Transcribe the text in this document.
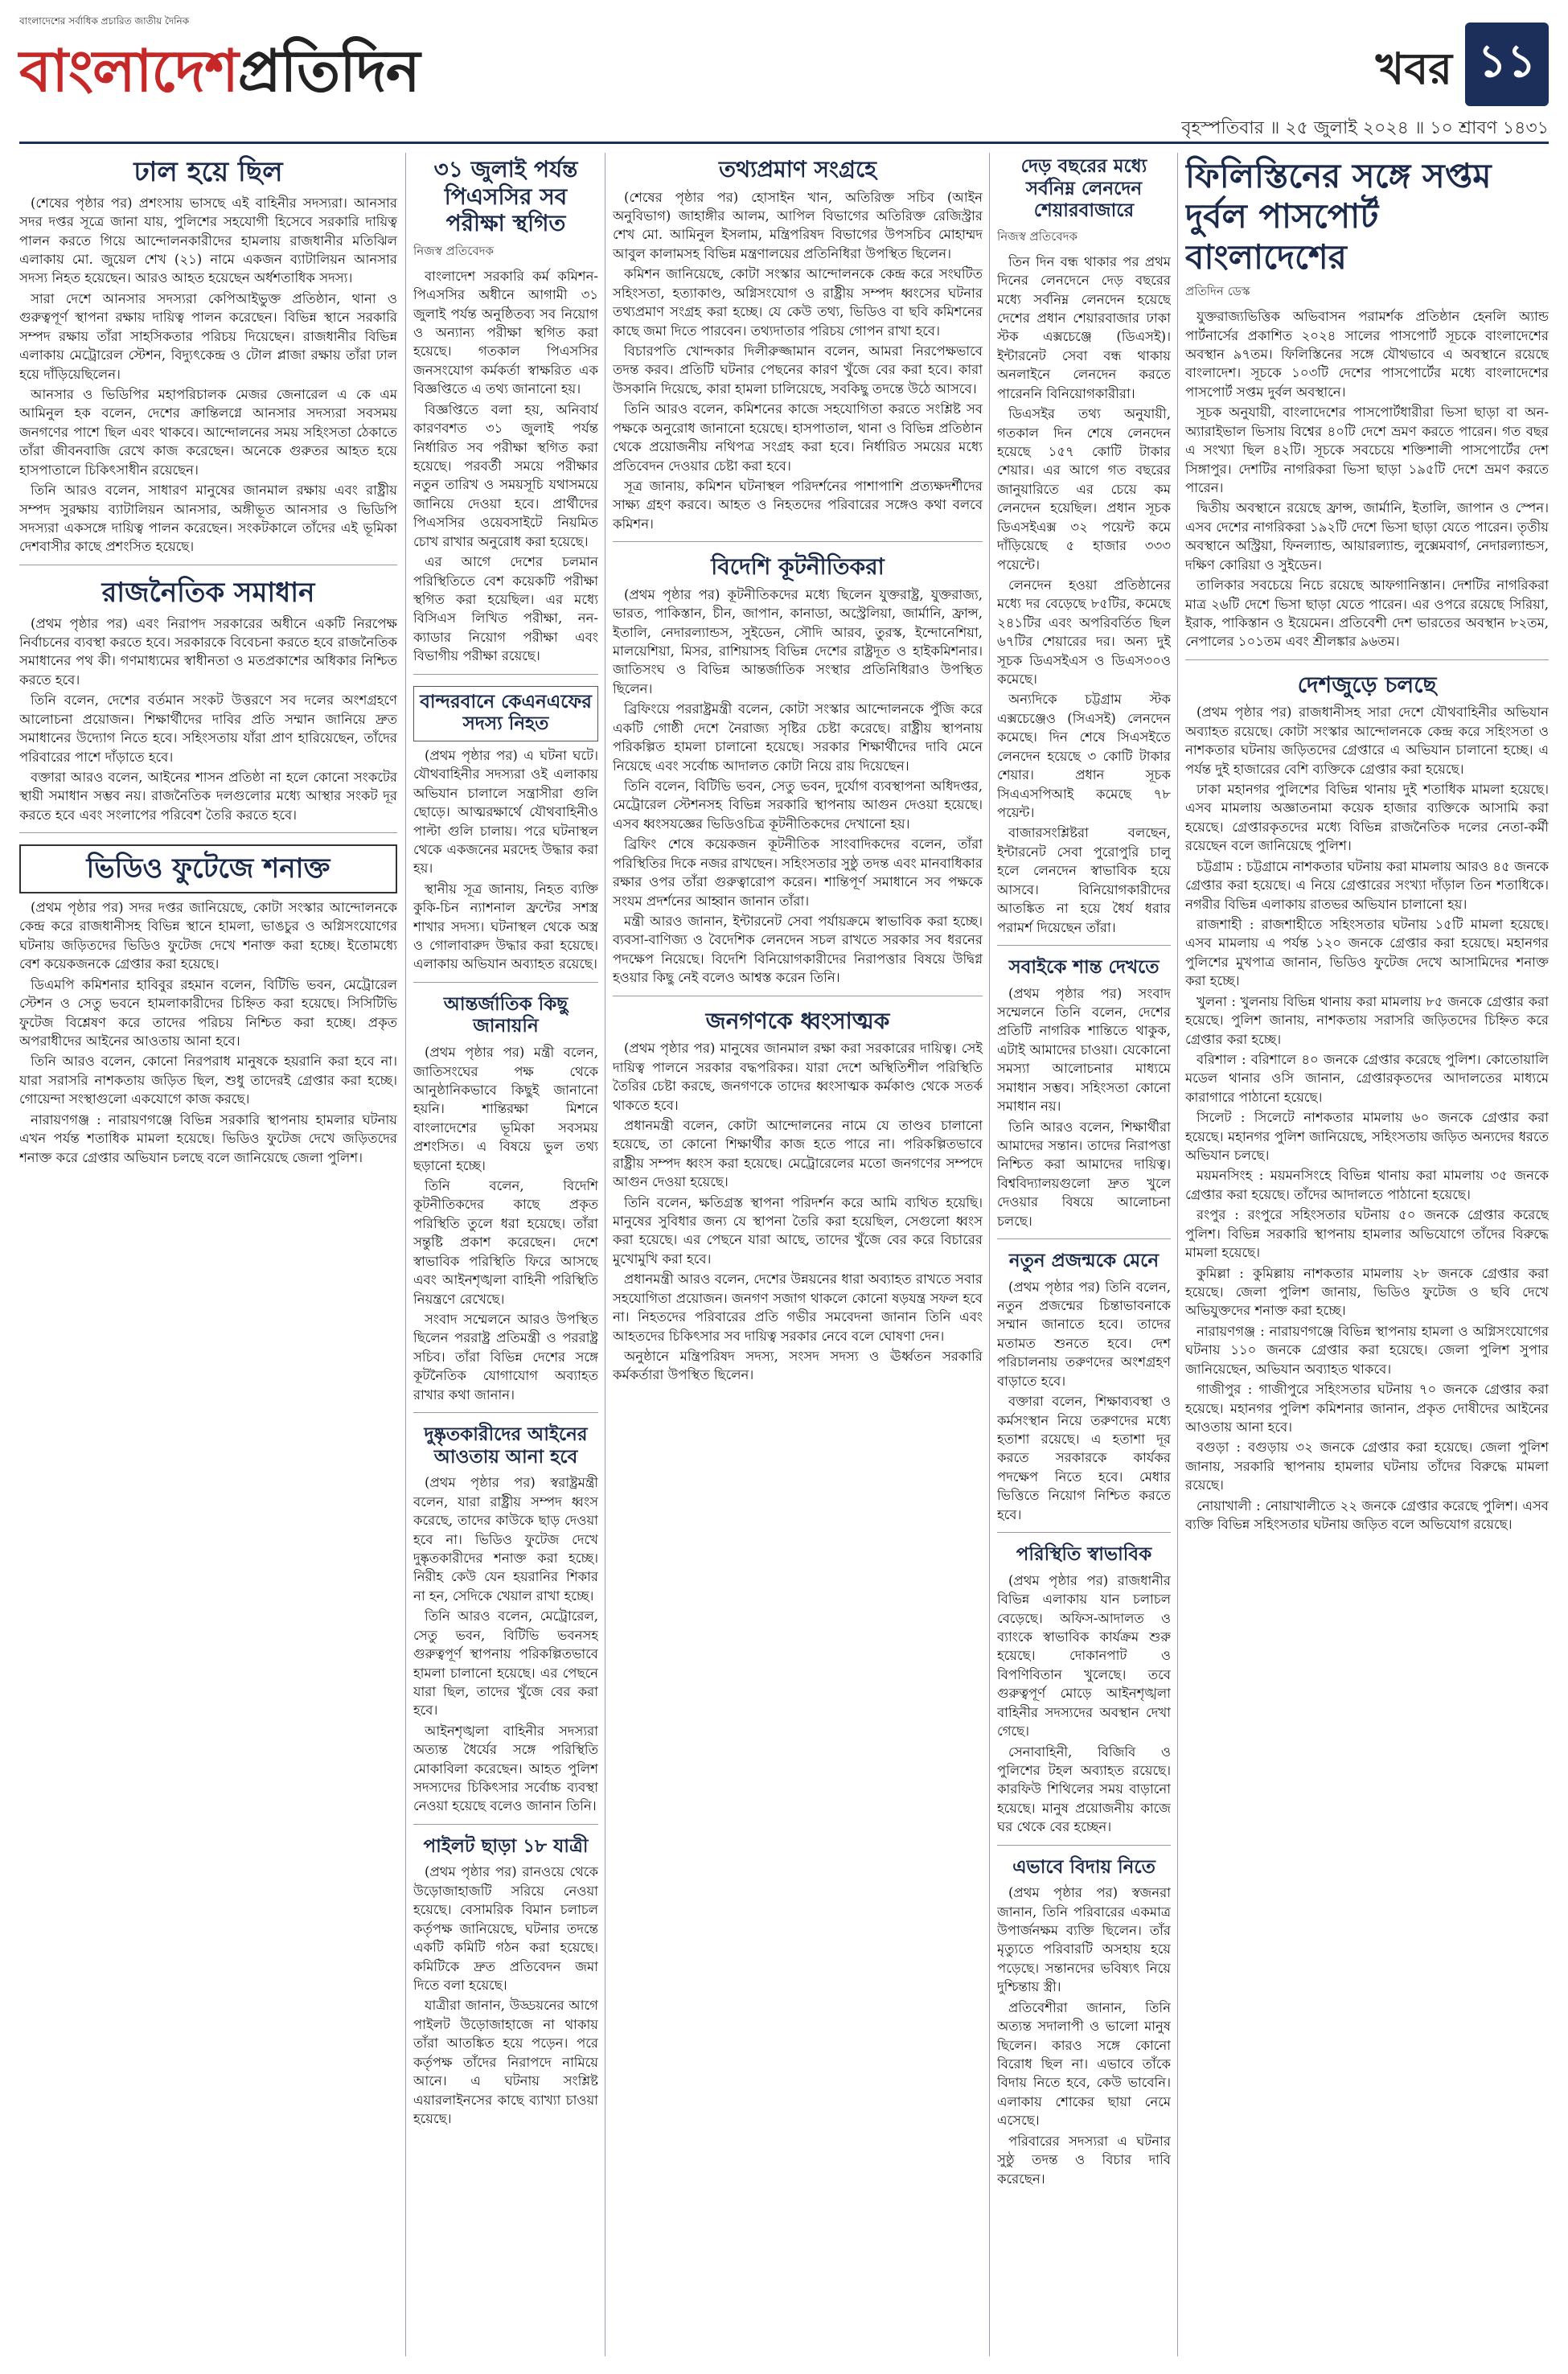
বাংলাদেশের সর্বাধিক প্রচারিত জাতীয় দৈনিক
বাংলাদেশপ্রতিদিন	খবর ১১
বৃহস্পতিবার ॥ ২৫ জুলাই ২০২৪ ॥ ১০ শ্রাবণ ১৪৩১
ঢাল হয়ে ছিল

(শেষের পৃষ্ঠার পর) প্রশংসায় ভাসছে এই বাহিনীর সদস্যরা। আনসার সদর দপ্তর সূত্রে জানা যায়, পুলিশের সহযোগী হিসেবে সরকারি দায়িত্ব পালন করতে গিয়ে আন্দোলনকারীদের হামলায় রাজধানীর মতিঝিল এলাকায় মো. জুয়েল শেখ (২১) নামে একজন ব্যাটালিয়ন আনসার সদস্য নিহত হয়েছেন। আরও আহত হয়েছেন অর্ধশতাধিক সদস্য।

সারা দেশে আনসার সদস্যরা কেপিআইভুক্ত প্রতিষ্ঠান, থানা ও গুরুত্বপূর্ণ স্থাপনা রক্ষায় দায়িত্ব পালন করেছেন। বিভিন্ন স্থানে সরকারি সম্পদ রক্ষায় তাঁরা সাহসিকতার পরিচয় দিয়েছেন। রাজধানীর বিভিন্ন এলাকায় মেট্রোরেল স্টেশন, বিদ্যুৎকেন্দ্র ও টোল প্লাজা রক্ষায় তাঁরা ঢাল হয়ে দাঁড়িয়েছিলেন।

আনসার ও ভিডিপির মহাপরিচালক মেজর জেনারেল এ কে এম আমিনুল হক বলেন, দেশের ক্রান্তিলগ্নে আনসার সদস্যরা সবসময় জনগণের পাশে ছিল এবং থাকবে। আন্দোলনের সময় সহিংসতা ঠেকাতে তাঁরা জীবনবাজি রেখে কাজ করেছেন। অনেকে গুরুতর আহত হয়ে হাসপাতালে চিকিৎসাধীন রয়েছেন।

তিনি আরও বলেন, সাধারণ মানুষের জানমাল রক্ষায় এবং রাষ্ট্রীয় সম্পদ সুরক্ষায় ব্যাটালিয়ন আনসার, অঙ্গীভূত আনসার ও ভিডিপি সদস্যরা একসঙ্গে দায়িত্ব পালন করেছেন। সংকটকালে তাঁদের এই ভূমিকা দেশবাসীর কাছে প্রশংসিত হয়েছে।

রাজনৈতিক সমাধান

(প্রথম পৃষ্ঠার পর) এবং নিরাপদ সরকারের অধীনে একটি নিরপেক্ষ নির্বাচনের ব্যবস্থা করতে হবে। সরকারকে বিবেচনা করতে হবে রাজনৈতিক সমাধানের পথ কী। গণমাধ্যমের স্বাধীনতা ও মতপ্রকাশের অধিকার নিশ্চিত করতে হবে।

তিনি বলেন, দেশের বর্তমান সংকট উত্তরণে সব দলের অংশগ্রহণে আলোচনা প্রয়োজন। শিক্ষার্থীদের দাবির প্রতি সম্মান জানিয়ে দ্রুত সমাধানের উদ্যোগ নিতে হবে। সহিংসতায় যাঁরা প্রাণ হারিয়েছেন, তাঁদের পরিবারের পাশে দাঁড়াতে হবে।

বক্তারা আরও বলেন, আইনের শাসন প্রতিষ্ঠা না হলে কোনো সংকটের স্থায়ী সমাধান সম্ভব নয়। রাজনৈতিক দলগুলোর মধ্যে আস্থার সংকট দূর করতে হবে এবং সংলাপের পরিবেশ তৈরি করতে হবে।

ভিডিও ফুটেজে শনাক্ত

(প্রথম পৃষ্ঠার পর) সদর দপ্তর জানিয়েছে, কোটা সংস্কার আন্দোলনকে কেন্দ্র করে রাজধানীসহ বিভিন্ন স্থানে হামলা, ভাঙচুর ও অগ্নিসংযোগের ঘটনায় জড়িতদের ভিডিও ফুটেজ দেখে শনাক্ত করা হচ্ছে। ইতোমধ্যে বেশ কয়েকজনকে গ্রেপ্তার করা হয়েছে।

ডিএমপি কমিশনার হাবিবুর রহমান বলেন, বিটিভি ভবন, মেট্রোরেল স্টেশন ও সেতু ভবনে হামলাকারীদের চিহ্নিত করা হয়েছে। সিসিটিভি ফুটেজ বিশ্লেষণ করে তাদের পরিচয় নিশ্চিত করা হচ্ছে। প্রকৃত অপরাধীদের আইনের আওতায় আনা হবে।

তিনি আরও বলেন, কোনো নিরপরাধ মানুষকে হয়রানি করা হবে না। যারা সরাসরি নাশকতায় জড়িত ছিল, শুধু তাদেরই গ্রেপ্তার করা হচ্ছে। গোয়েন্দা সংস্থাগুলো একযোগে কাজ করছে।

নারায়ণগঞ্জ : নারায়ণগঞ্জে বিভিন্ন সরকারি স্থাপনায় হামলার ঘটনায় এখন পর্যন্ত শতাধিক মামলা হয়েছে। ভিডিও ফুটেজ দেখে জড়িতদের শনাক্ত করে গ্রেপ্তার অভিযান চলছে বলে জানিয়েছে জেলা পুলিশ।

৩১ জুলাই পর্যন্ত পিএসসির সব পরীক্ষা স্থগিত
নিজস্ব প্রতিবেদক

বাংলাদেশ সরকারি কর্ম কমিশন-পিএসসির অধীনে আগামী ৩১ জুলাই পর্যন্ত অনুষ্ঠিতব্য সব নিয়োগ ও অন্যান্য পরীক্ষা স্থগিত করা হয়েছে। গতকাল পিএসসির জনসংযোগ কর্মকর্তা স্বাক্ষরিত এক বিজ্ঞপ্তিতে এ তথ্য জানানো হয়।

বিজ্ঞপ্তিতে বলা হয়, অনিবার্য কারণবশত ৩১ জুলাই পর্যন্ত নির্ধারিত সব পরীক্ষা স্থগিত করা হয়েছে। পরবর্তী সময়ে পরীক্ষার নতুন তারিখ ও সময়সূচি যথাসময়ে জানিয়ে দেওয়া হবে। প্রার্থীদের পিএসসির ওয়েবসাইটে নিয়মিত চোখ রাখার অনুরোধ করা হয়েছে।

এর আগে দেশের চলমান পরিস্থিতিতে বেশ কয়েকটি পরীক্ষা স্থগিত করা হয়েছিল। এর মধ্যে বিসিএস লিখিত পরীক্ষা, নন-ক্যাডার নিয়োগ পরীক্ষা এবং বিভাগীয় পরীক্ষা রয়েছে।

বান্দরবানে কেএনএফের সদস্য নিহত

(প্রথম পৃষ্ঠার পর) এ ঘটনা ঘটে। যৌথবাহিনীর সদস্যরা ওই এলাকায় অভিযান চালালে সন্ত্রাসীরা গুলি ছোড়ে। আত্মরক্ষার্থে যৌথবাহিনীও পাল্টা গুলি চালায়। পরে ঘটনাস্থল থেকে একজনের মরদেহ উদ্ধার করা হয়।

স্থানীয় সূত্র জানায়, নিহত ব্যক্তি কুকি-চিন ন্যাশনাল ফ্রন্টের সশস্ত্র শাখার সদস্য। ঘটনাস্থল থেকে অস্ত্র ও গোলাবারুদ উদ্ধার করা হয়েছে। এলাকায় অভিযান অব্যাহত রয়েছে।

আন্তর্জাতিক কিছু জানায়নি

(প্রথম পৃষ্ঠার পর) মন্ত্রী বলেন, জাতিসংঘের পক্ষ থেকে আনুষ্ঠানিকভাবে কিছুই জানানো হয়নি। শান্তিরক্ষা মিশনে বাংলাদেশের ভূমিকা সবসময় প্রশংসিত। এ বিষয়ে ভুল তথ্য ছড়ানো হচ্ছে।

তিনি বলেন, বিদেশি কূটনীতিকদের কাছে প্রকৃত পরিস্থিতি তুলে ধরা হয়েছে। তাঁরা সন্তুষ্টি প্রকাশ করেছেন। দেশে স্বাভাবিক পরিস্থিতি ফিরে আসছে এবং আইনশৃঙ্খলা বাহিনী পরিস্থিতি নিয়ন্ত্রণে রেখেছে।

সংবাদ সম্মেলনে আরও উপস্থিত ছিলেন পররাষ্ট্র প্রতিমন্ত্রী ও পররাষ্ট্র সচিব। তাঁরা বিভিন্ন দেশের সঙ্গে কূটনৈতিক যোগাযোগ অব্যাহত রাখার কথা জানান।

দুষ্কৃতকারীদের আইনের আওতায় আনা হবে

(প্রথম পৃষ্ঠার পর) স্বরাষ্ট্রমন্ত্রী বলেন, যারা রাষ্ট্রীয় সম্পদ ধ্বংস করেছে, তাদের কাউকে ছাড় দেওয়া হবে না। ভিডিও ফুটেজ দেখে দুষ্কৃতকারীদের শনাক্ত করা হচ্ছে। নিরীহ কেউ যেন হয়রানির শিকার না হন, সেদিকে খেয়াল রাখা হচ্ছে।

তিনি আরও বলেন, মেট্রোরেল, সেতু ভবন, বিটিভি ভবনসহ গুরুত্বপূর্ণ স্থাপনায় পরিকল্পিতভাবে হামলা চালানো হয়েছে। এর পেছনে যারা ছিল, তাদের খুঁজে বের করা হবে।

আইনশৃঙ্খলা বাহিনীর সদস্যরা অত্যন্ত ধৈর্যের সঙ্গে পরিস্থিতি মোকাবিলা করেছেন। আহত পুলিশ সদস্যদের চিকিৎসার সর্বোচ্চ ব্যবস্থা নেওয়া হয়েছে বলেও জানান তিনি।

পাইলট ছাড়া ১৮ যাত্রী

(প্রথম পৃষ্ঠার পর) রানওয়ে থেকে উড়োজাহাজটি সরিয়ে নেওয়া হয়েছে। বেসামরিক বিমান চলাচল কর্তৃপক্ষ জানিয়েছে, ঘটনার তদন্তে একটি কমিটি গঠন করা হয়েছে। কমিটিকে দ্রুত প্রতিবেদন জমা দিতে বলা হয়েছে।

যাত্রীরা জানান, উড্ডয়নের আগে পাইলট উড়োজাহাজে না থাকায় তাঁরা আতঙ্কিত হয়ে পড়েন। পরে কর্তৃপক্ষ তাঁদের নিরাপদে নামিয়ে আনে। এ ঘটনায় সংশ্লিষ্ট এয়ারলাইনসের কাছে ব্যাখ্যা চাওয়া হয়েছে।

তথ্যপ্রমাণ সংগ্রহে

(শেষের পৃষ্ঠার পর) হোসাইন খান, অতিরিক্ত সচিব (আইন অনুবিভাগ) জাহাঙ্গীর আলম, আপিল বিভাগের অতিরিক্ত রেজিস্ট্রার শেখ মো. আমিনুল ইসলাম, মন্ত্রিপরিষদ বিভাগের উপসচিব মোহাম্মদ আবুল কালামসহ বিভিন্ন মন্ত্রণালয়ের প্রতিনিধিরা উপস্থিত ছিলেন।

কমিশন জানিয়েছে, কোটা সংস্কার আন্দোলনকে কেন্দ্র করে সংঘটিত সহিংসতা, হত্যাকাণ্ড, অগ্নিসংযোগ ও রাষ্ট্রীয় সম্পদ ধ্বংসের ঘটনার তথ্যপ্রমাণ সংগ্রহ করা হচ্ছে। যে কেউ তথ্য, ভিডিও বা ছবি কমিশনের কাছে জমা দিতে পারবেন। তথ্যদাতার পরিচয় গোপন রাখা হবে।

বিচারপতি খোন্দকার দিলীরুজ্জামান বলেন, আমরা নিরপেক্ষভাবে তদন্ত করব। প্রতিটি ঘটনার পেছনের কারণ খুঁজে বের করা হবে। কারা উসকানি দিয়েছে, কারা হামলা চালিয়েছে, সবকিছু তদন্তে উঠে আসবে।

তিনি আরও বলেন, কমিশনের কাজে সহযোগিতা করতে সংশ্লিষ্ট সব পক্ষকে অনুরোধ জানানো হয়েছে। হাসপাতাল, থানা ও বিভিন্ন প্রতিষ্ঠান থেকে প্রয়োজনীয় নথিপত্র সংগ্রহ করা হবে। নির্ধারিত সময়ের মধ্যে প্রতিবেদন দেওয়ার চেষ্টা করা হবে।

সূত্র জানায়, কমিশন ঘটনাস্থল পরিদর্শনের পাশাপাশি প্রত্যক্ষদর্শীদের সাক্ষ্য গ্রহণ করবে। আহত ও নিহতদের পরিবারের সঙ্গেও কথা বলবে কমিশন।

বিদেশি কূটনীতিকরা

(প্রথম পৃষ্ঠার পর) কূটনীতিকদের মধ্যে ছিলেন যুক্তরাষ্ট্র, যুক্তরাজ্য, ভারত, পাকিস্তান, চীন, জাপান, কানাডা, অস্ট্রেলিয়া, জার্মানি, ফ্রান্স, ইতালি, নেদারল্যান্ডস, সুইডেন, সৌদি আরব, তুরস্ক, ইন্দোনেশিয়া, মালয়েশিয়া, মিসর, রাশিয়াসহ বিভিন্ন দেশের রাষ্ট্রদূত ও হাইকমিশনার। জাতিসংঘ ও বিভিন্ন আন্তর্জাতিক সংস্থার প্রতিনিধিরাও উপস্থিত ছিলেন।

ব্রিফিংয়ে পররাষ্ট্রমন্ত্রী বলেন, কোটা সংস্কার আন্দোলনকে পুঁজি করে একটি গোষ্ঠী দেশে নৈরাজ্য সৃষ্টির চেষ্টা করেছে। রাষ্ট্রীয় স্থাপনায় পরিকল্পিত হামলা চালানো হয়েছে। সরকার শিক্ষার্থীদের দাবি মেনে নিয়েছে এবং সর্বোচ্চ আদালত কোটা নিয়ে রায় দিয়েছেন।

তিনি বলেন, বিটিভি ভবন, সেতু ভবন, দুর্যোগ ব্যবস্থাপনা অধিদপ্তর, মেট্রোরেল স্টেশনসহ বিভিন্ন সরকারি স্থাপনায় আগুন দেওয়া হয়েছে। এসব ধ্বংসযজ্ঞের ভিডিওচিত্র কূটনীতিকদের দেখানো হয়।

ব্রিফিং শেষে কয়েকজন কূটনীতিক সাংবাদিকদের বলেন, তাঁরা পরিস্থিতির দিকে নজর রাখছেন। সহিংসতার সুষ্ঠু তদন্ত এবং মানবাধিকার রক্ষার ওপর তাঁরা গুরুত্বারোপ করেন। শান্তিপূর্ণ সমাধানে সব পক্ষকে সংযম প্রদর্শনের আহ্বান জানান তাঁরা।

মন্ত্রী আরও জানান, ইন্টারনেট সেবা পর্যায়ক্রমে স্বাভাবিক করা হচ্ছে। ব্যবসা-বাণিজ্য ও বৈদেশিক লেনদেন সচল রাখতে সরকার সব ধরনের পদক্ষেপ নিয়েছে। বিদেশি বিনিয়োগকারীদের নিরাপত্তার বিষয়ে উদ্বিগ্ন হওয়ার কিছু নেই বলেও আশ্বস্ত করেন তিনি।

জনগণকে ধ্বংসাত্মক

(প্রথম পৃষ্ঠার পর) মানুষের জানমাল রক্ষা করা সরকারের দায়িত্ব। সেই দায়িত্ব পালনে সরকার বদ্ধপরিকর। যারা দেশে অস্থিতিশীল পরিস্থিতি তৈরির চেষ্টা করছে, জনগণকে তাদের ধ্বংসাত্মক কর্মকাণ্ড থেকে সতর্ক থাকতে হবে।

প্রধানমন্ত্রী বলেন, কোটা আন্দোলনের নামে যে তাণ্ডব চালানো হয়েছে, তা কোনো শিক্ষার্থীর কাজ হতে পারে না। পরিকল্পিতভাবে রাষ্ট্রীয় সম্পদ ধ্বংস করা হয়েছে। মেট্রোরেলের মতো জনগণের সম্পদে আগুন দেওয়া হয়েছে।

তিনি বলেন, ক্ষতিগ্রস্ত স্থাপনা পরিদর্শন করে আমি ব্যথিত হয়েছি। মানুষের সুবিধার জন্য যে স্থাপনা তৈরি করা হয়েছিল, সেগুলো ধ্বংস করা হয়েছে। এর পেছনে যারা আছে, তাদের খুঁজে বের করে বিচারের মুখোমুখি করা হবে।

প্রধানমন্ত্রী আরও বলেন, দেশের উন্নয়নের ধারা অব্যাহত রাখতে সবার সহযোগিতা প্রয়োজন। জনগণ সজাগ থাকলে কোনো ষড়যন্ত্র সফল হবে না। নিহতদের পরিবারের প্রতি গভীর সমবেদনা জানান তিনি এবং আহতদের চিকিৎসার সব দায়িত্ব সরকার নেবে বলে ঘোষণা দেন।

অনুষ্ঠানে মন্ত্রিপরিষদ সদস্য, সংসদ সদস্য ও ঊর্ধ্বতন সরকারি কর্মকর্তারা উপস্থিত ছিলেন।

দেড় বছরের মধ্যে সর্বনিম্ন লেনদেন শেয়ারবাজারে
নিজস্ব প্রতিবেদক

তিন দিন বন্ধ থাকার পর প্রথম দিনের লেনদেনে দেড় বছরের মধ্যে সর্বনিম্ন লেনদেন হয়েছে দেশের প্রধান শেয়ারবাজার ঢাকা স্টক এক্সচেঞ্জে (ডিএসই)। ইন্টারনেট সেবা বন্ধ থাকায় অনলাইনে লেনদেন করতে পারেননি বিনিয়োগকারীরা।

ডিএসইর তথ্য অনুযায়ী, গতকাল দিন শেষে লেনদেন হয়েছে ১৫৭ কোটি টাকার শেয়ার। এর আগে গত বছরের জানুয়ারিতে এর চেয়ে কম লেনদেন হয়েছিল। প্রধান সূচক ডিএসইএক্স ৩২ পয়েন্ট কমে দাঁড়িয়েছে ৫ হাজার ৩৩৩ পয়েন্টে।

লেনদেন হওয়া প্রতিষ্ঠানের মধ্যে দর বেড়েছে ৮৫টির, কমেছে ২৪১টির এবং অপরিবর্তিত ছিল ৬৭টির শেয়ারের দর। অন্য দুই সূচক ডিএসইএস ও ডিএস৩০ও কমেছে।

অন্যদিকে চট্টগ্রাম স্টক এক্সচেঞ্জেও (সিএসই) লেনদেন কমেছে। দিন শেষে সিএসইতে লেনদেন হয়েছে ৩ কোটি টাকার শেয়ার। প্রধান সূচক সিএএসপিআই কমেছে ৭৮ পয়েন্ট।

বাজারসংশ্লিষ্টরা বলছেন, ইন্টারনেট সেবা পুরোপুরি চালু হলে লেনদেন স্বাভাবিক হয়ে আসবে। বিনিয়োগকারীদের আতঙ্কিত না হয়ে ধৈর্য ধরার পরামর্শ দিয়েছেন তাঁরা।

সবাইকে শান্ত দেখতে

(প্রথম পৃষ্ঠার পর) সংবাদ সম্মেলনে তিনি বলেন, দেশের প্রতিটি নাগরিক শান্তিতে থাকুক, এটাই আমাদের চাওয়া। যেকোনো সমস্যা আলোচনার মাধ্যমে সমাধান সম্ভব। সহিংসতা কোনো সমাধান নয়।

তিনি আরও বলেন, শিক্ষার্থীরা আমাদের সন্তান। তাদের নিরাপত্তা নিশ্চিত করা আমাদের দায়িত্ব। বিশ্ববিদ্যালয়গুলো দ্রুত খুলে দেওয়ার বিষয়ে আলোচনা চলছে।

নতুন প্রজন্মকে মেনে

(প্রথম পৃষ্ঠার পর) তিনি বলেন, নতুন প্রজন্মের চিন্তাভাবনাকে সম্মান জানাতে হবে। তাদের মতামত শুনতে হবে। দেশ পরিচালনায় তরুণদের অংশগ্রহণ বাড়াতে হবে।

বক্তারা বলেন, শিক্ষাব্যবস্থা ও কর্মসংস্থান নিয়ে তরুণদের মধ্যে হতাশা রয়েছে। এ হতাশা দূর করতে সরকারকে কার্যকর পদক্ষেপ নিতে হবে। মেধার ভিত্তিতে নিয়োগ নিশ্চিত করতে হবে।

পরিস্থিতি স্বাভাবিক

(প্রথম পৃষ্ঠার পর) রাজধানীর বিভিন্ন এলাকায় যান চলাচল বেড়েছে। অফিস-আদালত ও ব্যাংকে স্বাভাবিক কার্যক্রম শুরু হয়েছে। দোকানপাট ও বিপণিবিতান খুলেছে। তবে গুরুত্বপূর্ণ মোড়ে আইনশৃঙ্খলা বাহিনীর সদস্যদের অবস্থান দেখা গেছে।

সেনাবাহিনী, বিজিবি ও পুলিশের টহল অব্যাহত রয়েছে। কারফিউ শিথিলের সময় বাড়ানো হয়েছে। মানুষ প্রয়োজনীয় কাজে ঘর থেকে বের হচ্ছেন।

এভাবে বিদায় নিতে

(প্রথম পৃষ্ঠার পর) স্বজনরা জানান, তিনি পরিবারের একমাত্র উপার্জনক্ষম ব্যক্তি ছিলেন। তাঁর মৃত্যুতে পরিবারটি অসহায় হয়ে পড়েছে। সন্তানদের ভবিষ্যৎ নিয়ে দুশ্চিন্তায় স্ত্রী।

প্রতিবেশীরা জানান, তিনি অত্যন্ত সদালাপী ও ভালো মানুষ ছিলেন। কারও সঙ্গে কোনো বিরোধ ছিল না। এভাবে তাঁকে বিদায় নিতে হবে, কেউ ভাবেনি। এলাকায় শোকের ছায়া নেমে এসেছে।

পরিবারের সদস্যরা এ ঘটনার সুষ্ঠু তদন্ত ও বিচার দাবি করেছেন।

ফিলিস্তিনের সঙ্গে সপ্তম দুর্বল পাসপোর্ট বাংলাদেশের
প্রতিদিন ডেস্ক

যুক্তরাজ্যভিত্তিক অভিবাসন পরামর্শক প্রতিষ্ঠান হেনলি অ্যান্ড পার্টনার্সের প্রকাশিত ২০২৪ সালের পাসপোর্ট সূচকে বাংলাদেশের অবস্থান ৯৭তম। ফিলিস্তিনের সঙ্গে যৌথভাবে এ অবস্থানে রয়েছে বাংলাদেশ। সূচকে ১০৩টি দেশের পাসপোর্টের মধ্যে বাংলাদেশের পাসপোর্ট সপ্তম দুর্বল অবস্থানে।

সূচক অনুযায়ী, বাংলাদেশের পাসপোর্টধারীরা ভিসা ছাড়া বা অন-অ্যারাইভাল ভিসায় বিশ্বের ৪০টি দেশে ভ্রমণ করতে পারেন। গত বছর এ সংখ্যা ছিল ৪২টি। সূচকে সবচেয়ে শক্তিশালী পাসপোর্টের দেশ সিঙ্গাপুর। দেশটির নাগরিকরা ভিসা ছাড়া ১৯৫টি দেশে ভ্রমণ করতে পারেন।

দ্বিতীয় অবস্থানে রয়েছে ফ্রান্স, জার্মানি, ইতালি, জাপান ও স্পেন। এসব দেশের নাগরিকরা ১৯২টি দেশে ভিসা ছাড়া যেতে পারেন। তৃতীয় অবস্থানে অস্ট্রিয়া, ফিনল্যান্ড, আয়ারল্যান্ড, লুক্সেমবার্গ, নেদারল্যান্ডস, দক্ষিণ কোরিয়া ও সুইডেন।

তালিকার সবচেয়ে নিচে রয়েছে আফগানিস্তান। দেশটির নাগরিকরা মাত্র ২৬টি দেশে ভিসা ছাড়া যেতে পারেন। এর ওপরে রয়েছে সিরিয়া, ইরাক, পাকিস্তান ও ইয়েমেন। প্রতিবেশী দেশ ভারতের অবস্থান ৮২তম, নেপালের ১০১তম এবং শ্রীলঙ্কার ৯৬তম।

দেশজুড়ে চলছে

(প্রথম পৃষ্ঠার পর) রাজধানীসহ সারা দেশে যৌথবাহিনীর অভিযান অব্যাহত রয়েছে। কোটা সংস্কার আন্দোলনকে কেন্দ্র করে সহিংসতা ও নাশকতার ঘটনায় জড়িতদের গ্রেপ্তারে এ অভিযান চালানো হচ্ছে। এ পর্যন্ত দুই হাজারের বেশি ব্যক্তিকে গ্রেপ্তার করা হয়েছে।

ঢাকা মহানগর পুলিশের বিভিন্ন থানায় দুই শতাধিক মামলা হয়েছে। এসব মামলায় অজ্ঞাতনামা কয়েক হাজার ব্যক্তিকে আসামি করা হয়েছে। গ্রেপ্তারকৃতদের মধ্যে বিভিন্ন রাজনৈতিক দলের নেতা-কর্মী রয়েছেন বলে জানিয়েছে পুলিশ।

চট্টগ্রাম : চট্টগ্রামে নাশকতার ঘটনায় করা মামলায় আরও ৪৫ জনকে গ্রেপ্তার করা হয়েছে। এ নিয়ে গ্রেপ্তারের সংখ্যা দাঁড়াল তিন শতাধিকে। নগরীর বিভিন্ন এলাকায় রাতভর অভিযান চালানো হয়।

রাজশাহী : রাজশাহীতে সহিংসতার ঘটনায় ১৫টি মামলা হয়েছে। এসব মামলায় এ পর্যন্ত ১২০ জনকে গ্রেপ্তার করা হয়েছে। মহানগর পুলিশের মুখপাত্র জানান, ভিডিও ফুটেজ দেখে আসামিদের শনাক্ত করা হচ্ছে।

খুলনা : খুলনায় বিভিন্ন থানায় করা মামলায় ৮৫ জনকে গ্রেপ্তার করা হয়েছে। পুলিশ জানায়, নাশকতায় সরাসরি জড়িতদের চিহ্নিত করে গ্রেপ্তার করা হচ্ছে।

বরিশাল : বরিশালে ৪০ জনকে গ্রেপ্তার করেছে পুলিশ। কোতোয়ালি মডেল থানার ওসি জানান, গ্রেপ্তারকৃতদের আদালতের মাধ্যমে কারাগারে পাঠানো হয়েছে।

সিলেট : সিলেটে নাশকতার মামলায় ৬০ জনকে গ্রেপ্তার করা হয়েছে। মহানগর পুলিশ জানিয়েছে, সহিংসতায় জড়িত অন্যদের ধরতে অভিযান চলছে।

ময়মনসিংহ : ময়মনসিংহে বিভিন্ন থানায় করা মামলায় ৩৫ জনকে গ্রেপ্তার করা হয়েছে। তাঁদের আদালতে পাঠানো হয়েছে।

রংপুর : রংপুরে সহিংসতার ঘটনায় ৫০ জনকে গ্রেপ্তার করেছে পুলিশ। বিভিন্ন সরকারি স্থাপনায় হামলার অভিযোগে তাঁদের বিরুদ্ধে মামলা হয়েছে।

কুমিল্লা : কুমিল্লায় নাশকতার মামলায় ২৮ জনকে গ্রেপ্তার করা হয়েছে। জেলা পুলিশ জানায়, ভিডিও ফুটেজ ও ছবি দেখে অভিযুক্তদের শনাক্ত করা হচ্ছে।

নারায়ণগঞ্জ : নারায়ণগঞ্জে বিভিন্ন স্থাপনায় হামলা ও অগ্নিসংযোগের ঘটনায় ১১০ জনকে গ্রেপ্তার করা হয়েছে। জেলা পুলিশ সুপার জানিয়েছেন, অভিযান অব্যাহত থাকবে।

গাজীপুর : গাজীপুরে সহিংসতার ঘটনায় ৭০ জনকে গ্রেপ্তার করা হয়েছে। মহানগর পুলিশ কমিশনার জানান, প্রকৃত দোষীদের আইনের আওতায় আনা হবে।

বগুড়া : বগুড়ায় ৩২ জনকে গ্রেপ্তার করা হয়েছে। জেলা পুলিশ জানায়, সরকারি স্থাপনায় হামলার ঘটনায় তাঁদের বিরুদ্ধে মামলা রয়েছে।

নোয়াখালী : নোয়াখালীতে ২২ জনকে গ্রেপ্তার করেছে পুলিশ। এসব ব্যক্তি বিভিন্ন সহিংসতার ঘটনায় জড়িত বলে অভিযোগ রয়েছে।
